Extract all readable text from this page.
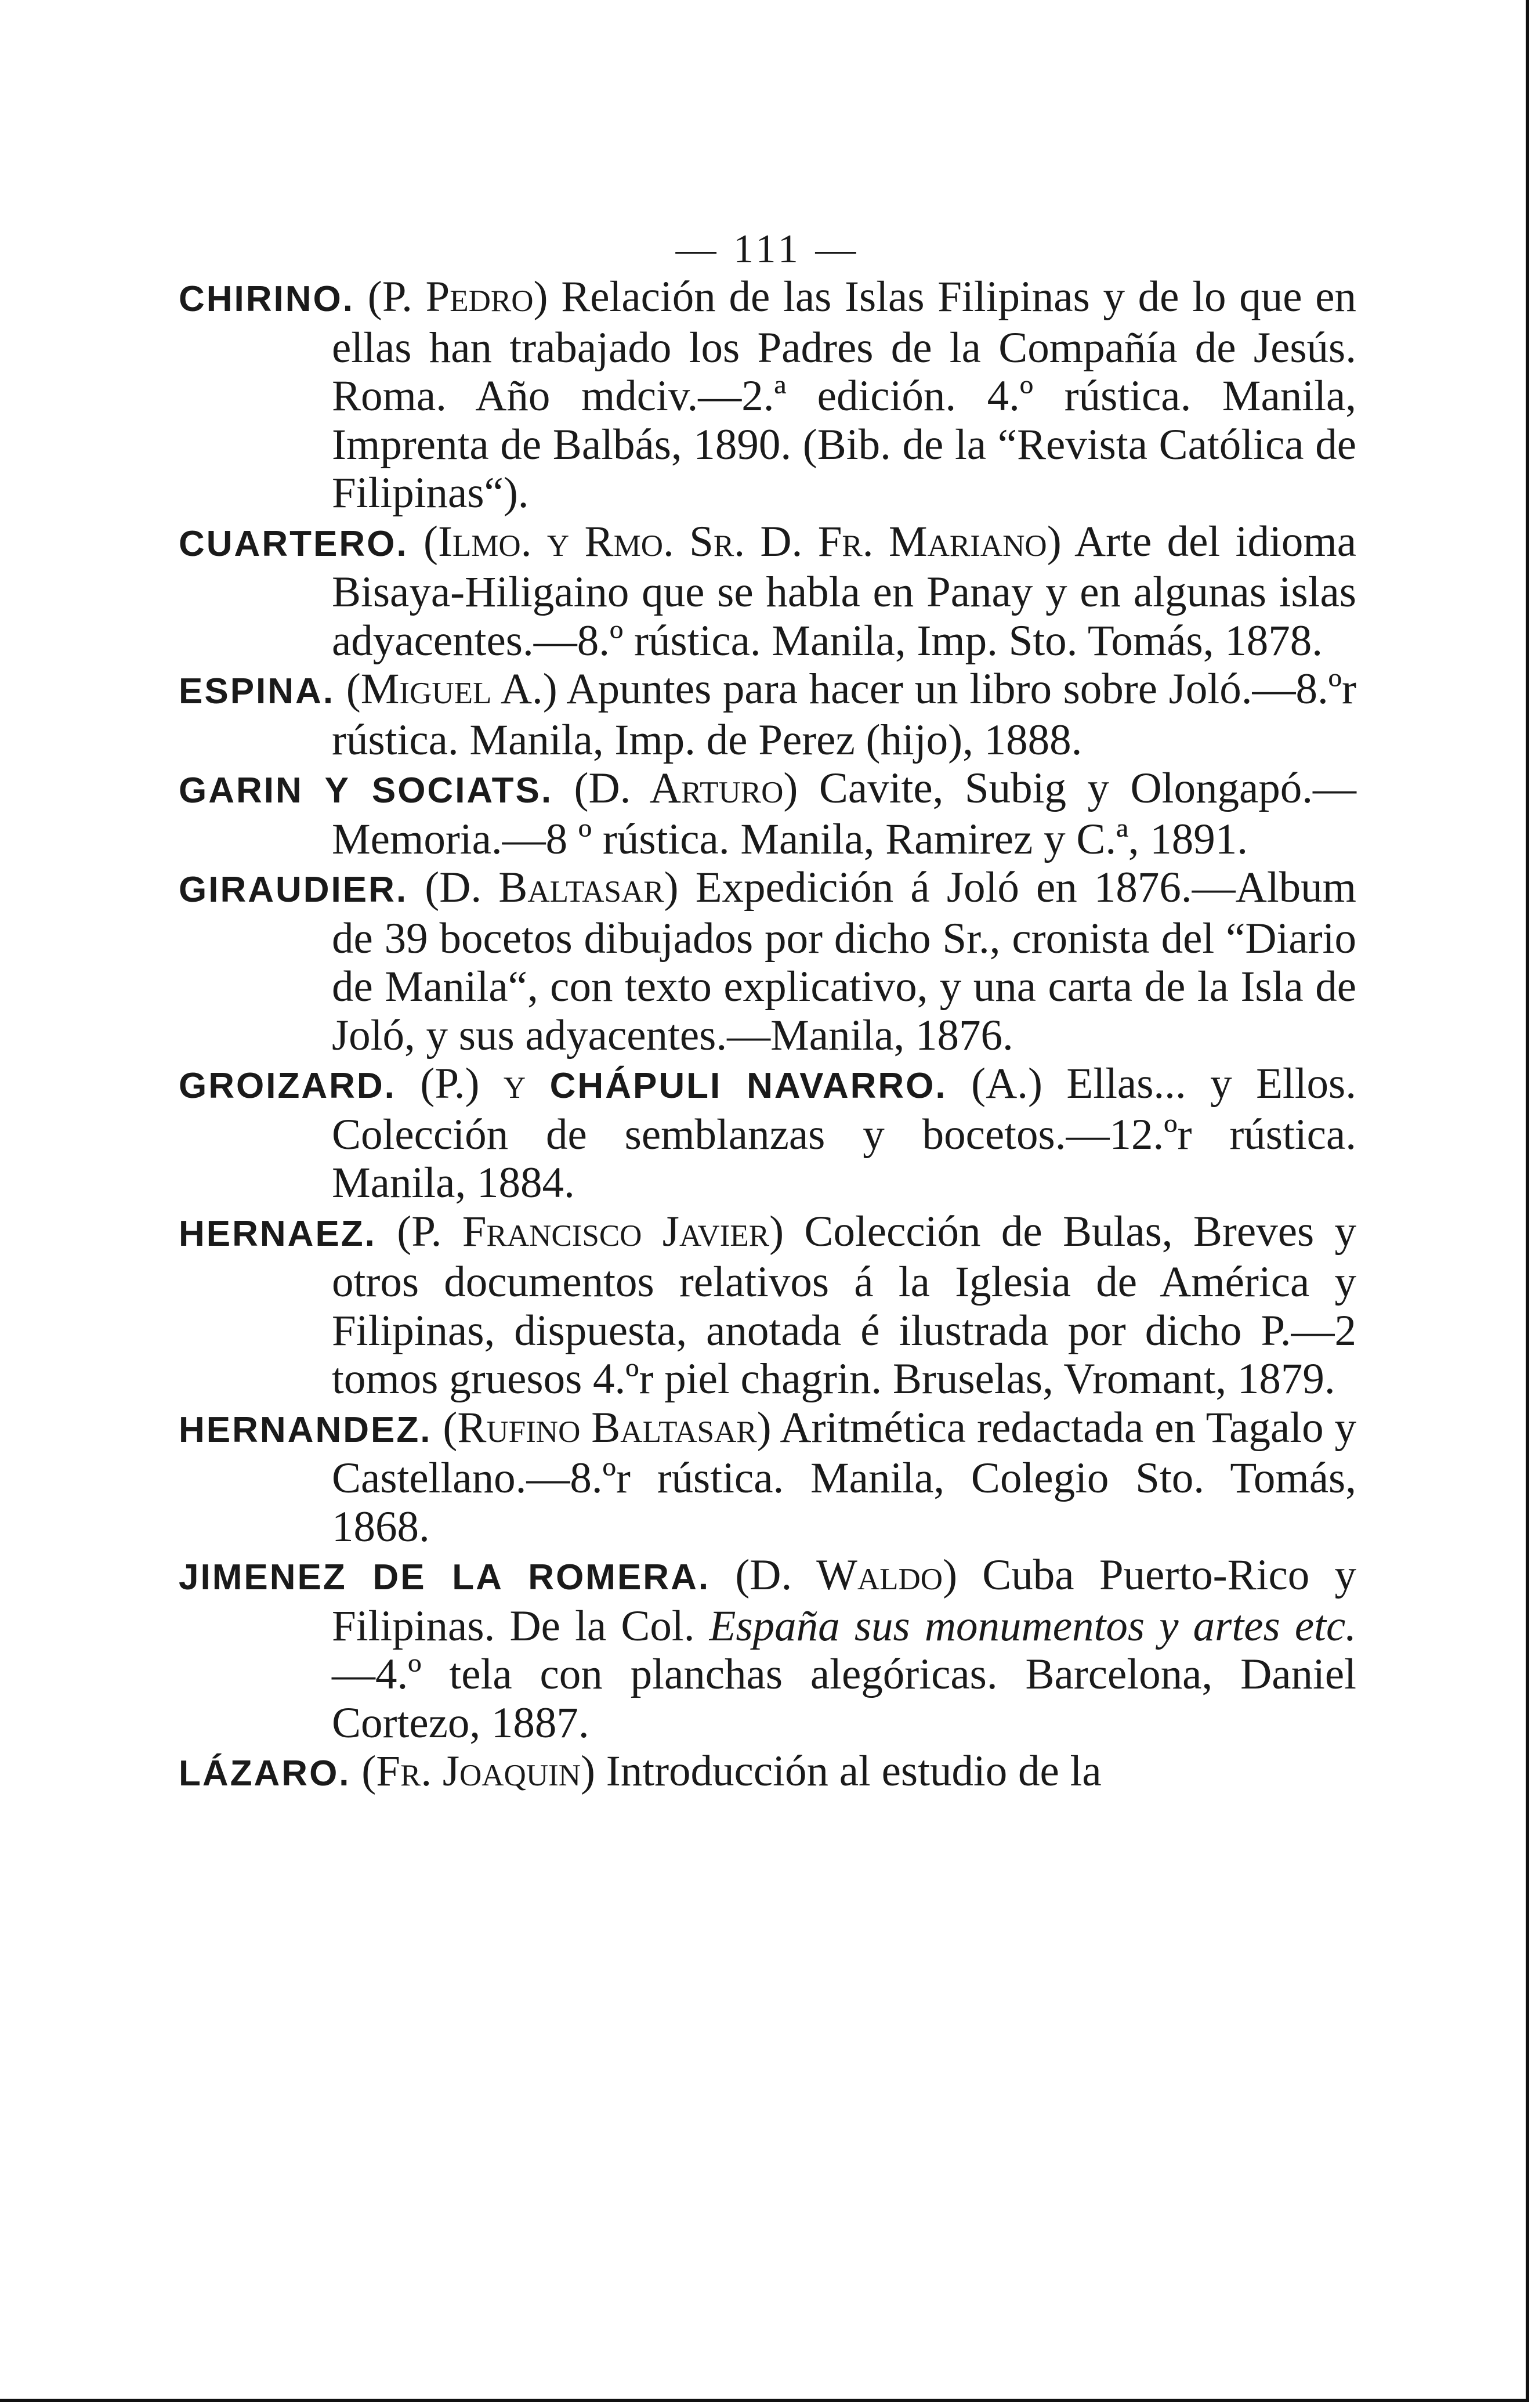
— 111 —

CHIRINO. (P. Pedro) Relación de las Islas Filipinas y de lo que en ellas han trabajado los Padres de la Compañía de Jesús. Roma. Año mdciv.—2.ª edición. 4.º rústica. Manila, Imprenta de Balbás, 1890. (Bib. de la “Revista Católica de Filipinas“).

CUARTERO. (Ilmo. y Rmo. Sr. D. Fr. Mariano) Arte del idioma Bisaya-Hiligaino que se habla en Panay y en algunas islas adyacentes.—8.º rústica. Manila, Imp. Sto. Tomás, 1878.

ESPINA. (Miguel A.) Apuntes para hacer un libro sobre Joló.—8.ºr rústica. Manila, Imp. de Perez (hijo), 1888.

GARIN Y SOCIATS. (D. Arturo) Cavite, Subig y Olongapó.—Memoria.—8 º rústica. Manila, Ramirez y C.ª, 1891.

GIRAUDIER. (D. Baltasar) Expedición á Joló en 1876.—Album de 39 bocetos dibujados por dicho Sr., cronista del “Diario de Manila“, con texto explicativo, y una carta de la Isla de Joló, y sus adyacentes.—Manila, 1876.

GROIZARD. (P.) y CHÁPULI NAVARRO. (A.) Ellas... y Ellos. Colección de semblanzas y bocetos.—12.ºr rústica. Manila, 1884.

HERNAEZ. (P. Francisco Javier) Colección de Bulas, Breves y otros documentos relativos á la Iglesia de América y Filipinas, dispuesta, anotada é ilustrada por dicho P.—2 tomos gruesos 4.ºr piel chagrin. Bruselas, Vromant, 1879.

HERNANDEZ. (Rufino Baltasar) Aritmética redactada en Tagalo y Castellano.—8.ºr rústica. Manila, Colegio Sto. Tomás, 1868.

JIMENEZ DE LA ROMERA. (D. Waldo) Cuba Puerto-Rico y Filipinas. De la Col. España sus monumentos y artes etc.—4.º tela con planchas alegóricas. Barcelona, Daniel Cortezo, 1887.

LÁZARO. (Fr. Joaquin) Introducción al estudio de la
